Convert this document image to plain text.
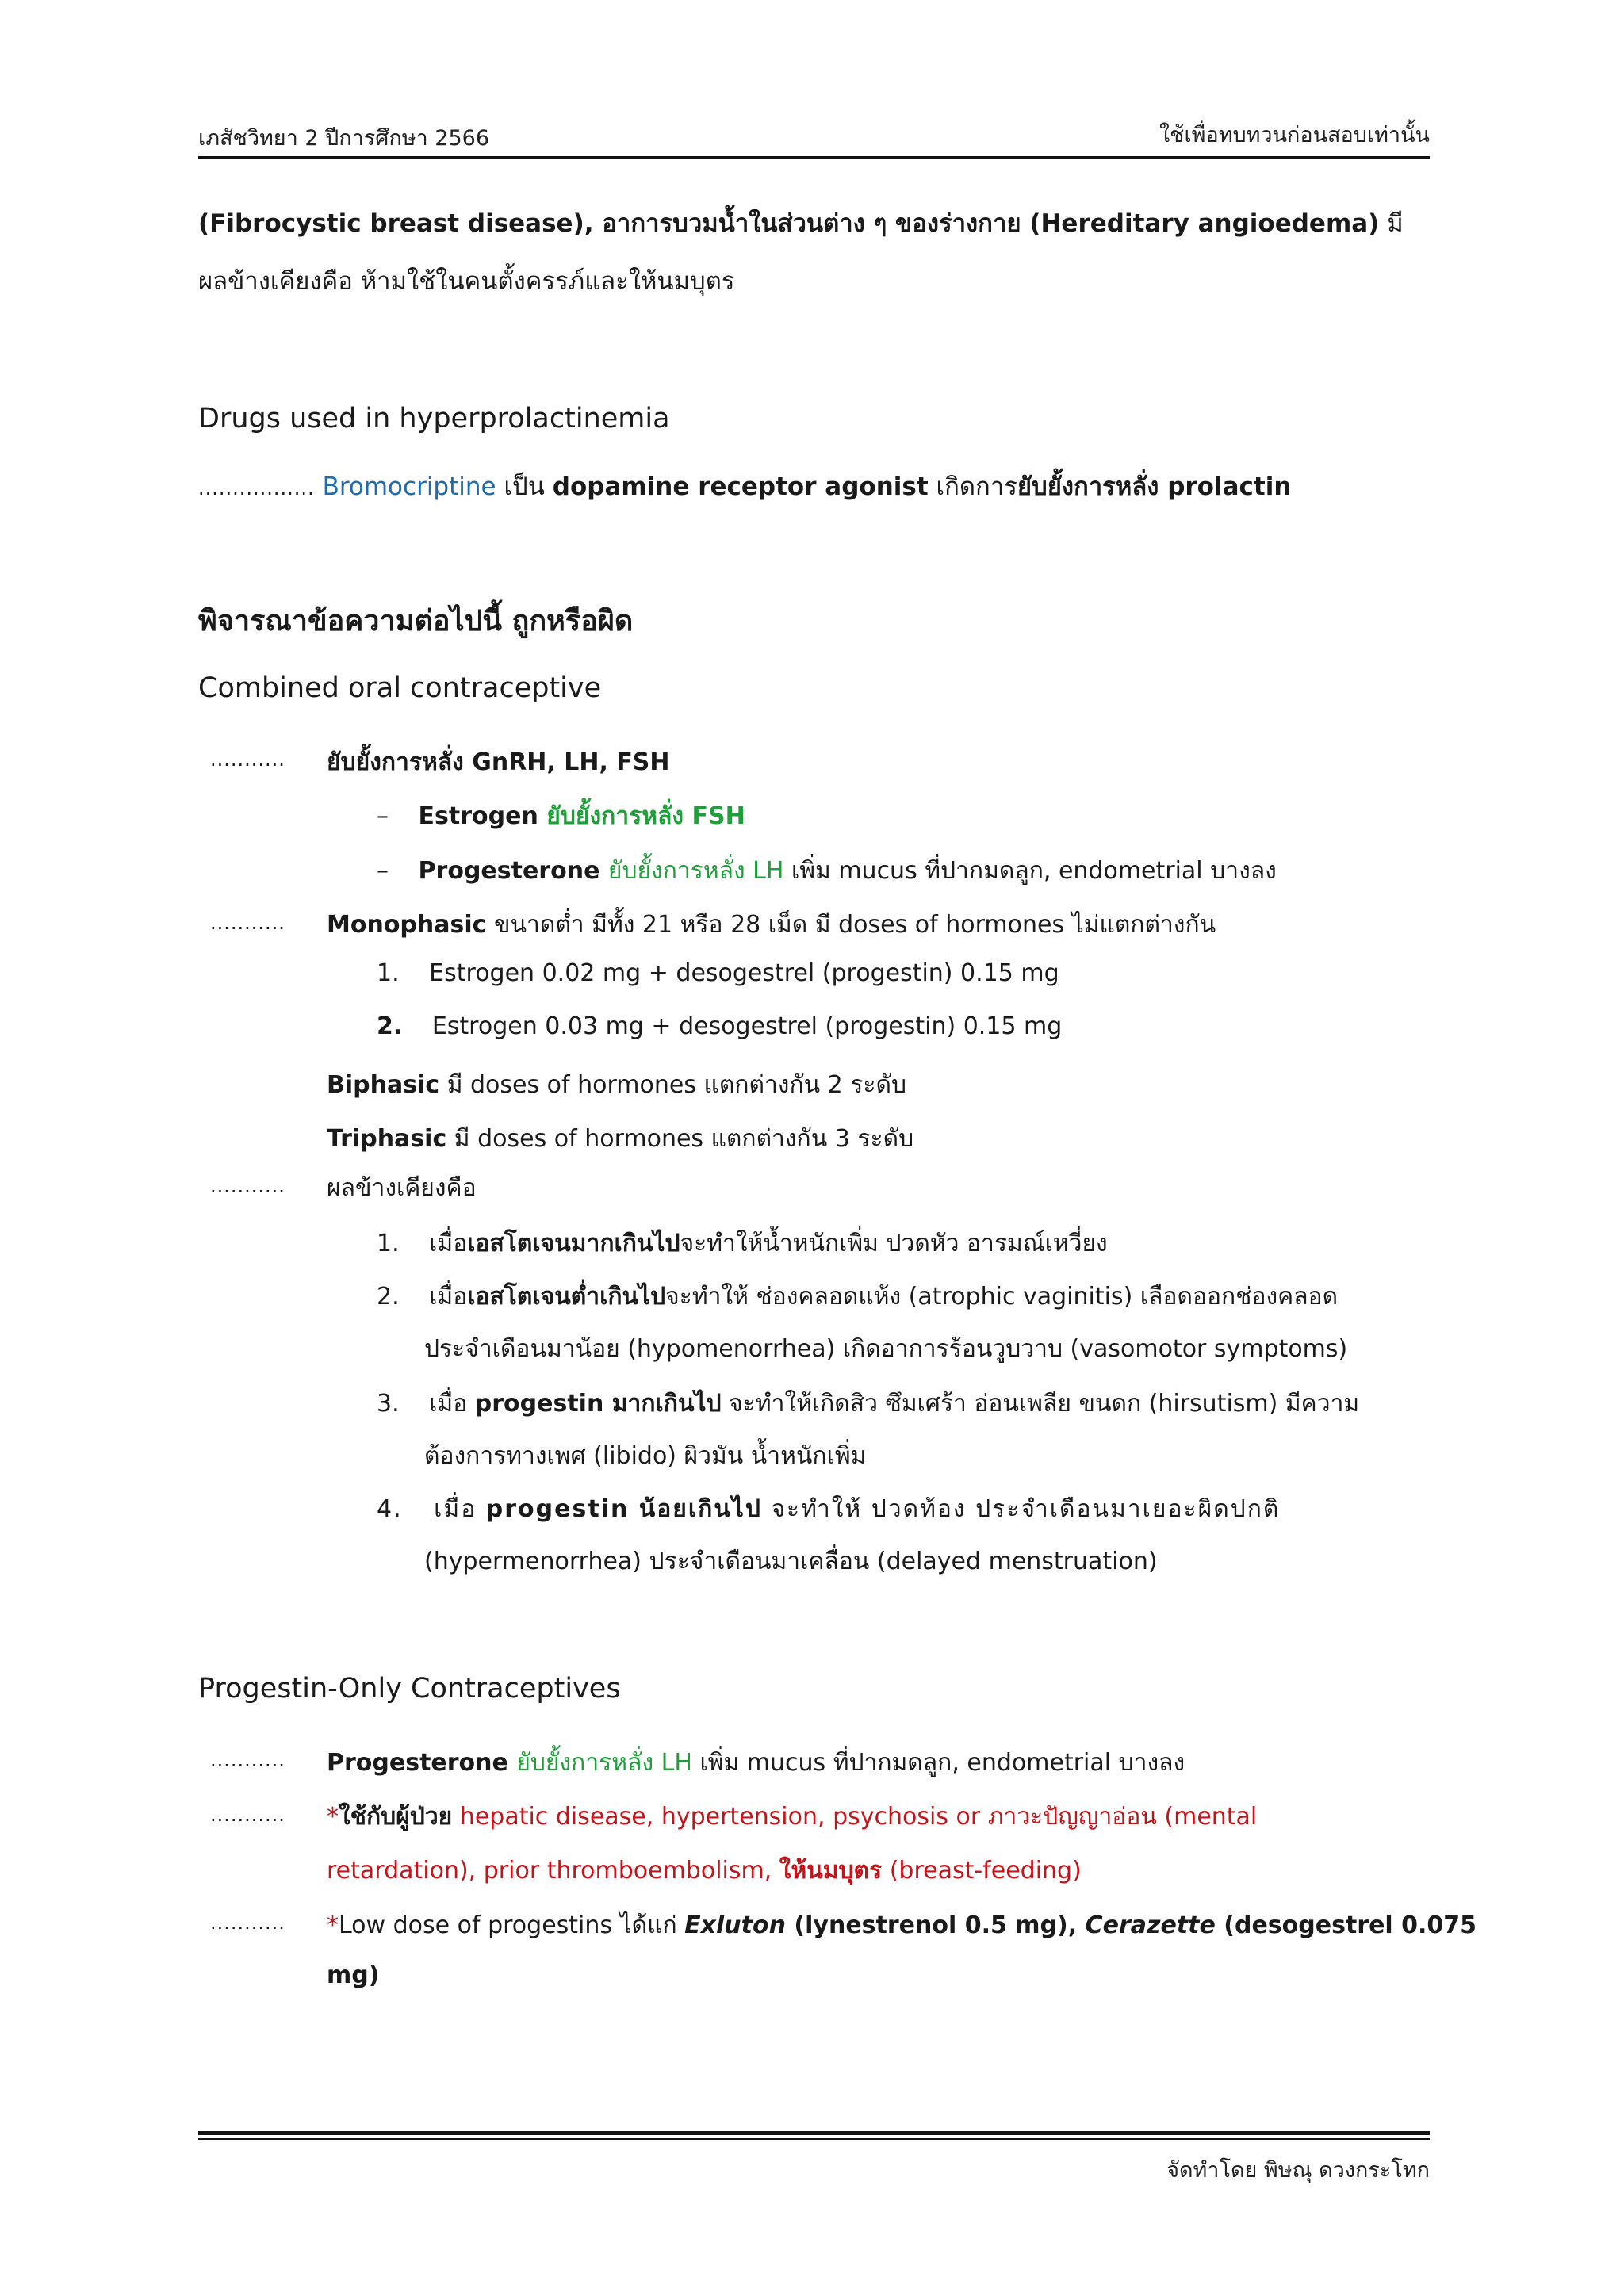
เภสัชวิทยา 2 ปีการศึกษา 2566	ใช้เพื่อทบทวนก่อนสอบเท่านั้น
(Fibrocystic breast disease), อาการบวมน้ำในส่วนต่าง ๆ ของร่างกาย (Hereditary angioedema) มี
ผลข้างเคียงคือ ห้ามใช้ในคนตั้งครรภ์และให้นมบุตร
Drugs used in hyperprolactinemia
................. Bromocriptine เป็น dopamine receptor agonist เกิดการยับยั้งการหลั่ง prolactin
พิจารณาข้อความต่อไปนี้ ถูกหรือผิด
Combined oral contraceptive
........... ยับยั้งการหลั่ง GnRH, LH, FSH
– Estrogen ยับยั้งการหลั่ง FSH
– Progesterone ยับยั้งการหลั่ง LH เพิ่ม mucus ที่ปากมดลูก, endometrial บางลง
........... Monophasic ขนาดต่ำ มีทั้ง 21 หรือ 28 เม็ด มี doses of hormones ไม่แตกต่างกัน
1. Estrogen 0.02 mg + desogestrel (progestin) 0.15 mg
2. Estrogen 0.03 mg + desogestrel (progestin) 0.15 mg
Biphasic มี doses of hormones แตกต่างกัน 2 ระดับ
Triphasic มี doses of hormones แตกต่างกัน 3 ระดับ
........... ผลข้างเคียงคือ
1. เมื่อเอสโตเจนมากเกินไปจะทำให้น้ำหนักเพิ่ม ปวดหัว อารมณ์เหวี่ยง
2. เมื่อเอสโตเจนต่ำเกินไปจะทำให้ ช่องคลอดแห้ง (atrophic vaginitis) เลือดออกช่องคลอด
ประจำเดือนมาน้อย (hypomenorrhea) เกิดอาการร้อนวูบวาบ (vasomotor symptoms)
3. เมื่อ progestin มากเกินไป จะทำให้เกิดสิว ซึมเศร้า อ่อนเพลีย ขนดก (hirsutism) มีความ
ต้องการทางเพศ (libido) ผิวมัน น้ำหนักเพิ่ม
4. เมื่อ progestin น้อยเกินไป จะทำให้ ปวดท้อง ประจำเดือนมาเยอะผิดปกติ
(hypermenorrhea) ประจำเดือนมาเคลื่อน (delayed menstruation)
Progestin-Only Contraceptives
........... Progesterone ยับยั้งการหลั่ง LH เพิ่ม mucus ที่ปากมดลูก, endometrial บางลง
........... *ใช้กับผู้ป่วย hepatic disease, hypertension, psychosis or ภาวะปัญญาอ่อน (mental
retardation), prior thromboembolism, ให้นมบุตร (breast-feeding)
........... *Low dose of progestins ได้แก่ Exluton (lynestrenol 0.5 mg), Cerazette (desogestrel 0.075
mg)
จัดทำโดย พิษณุ ดวงกระโทก
